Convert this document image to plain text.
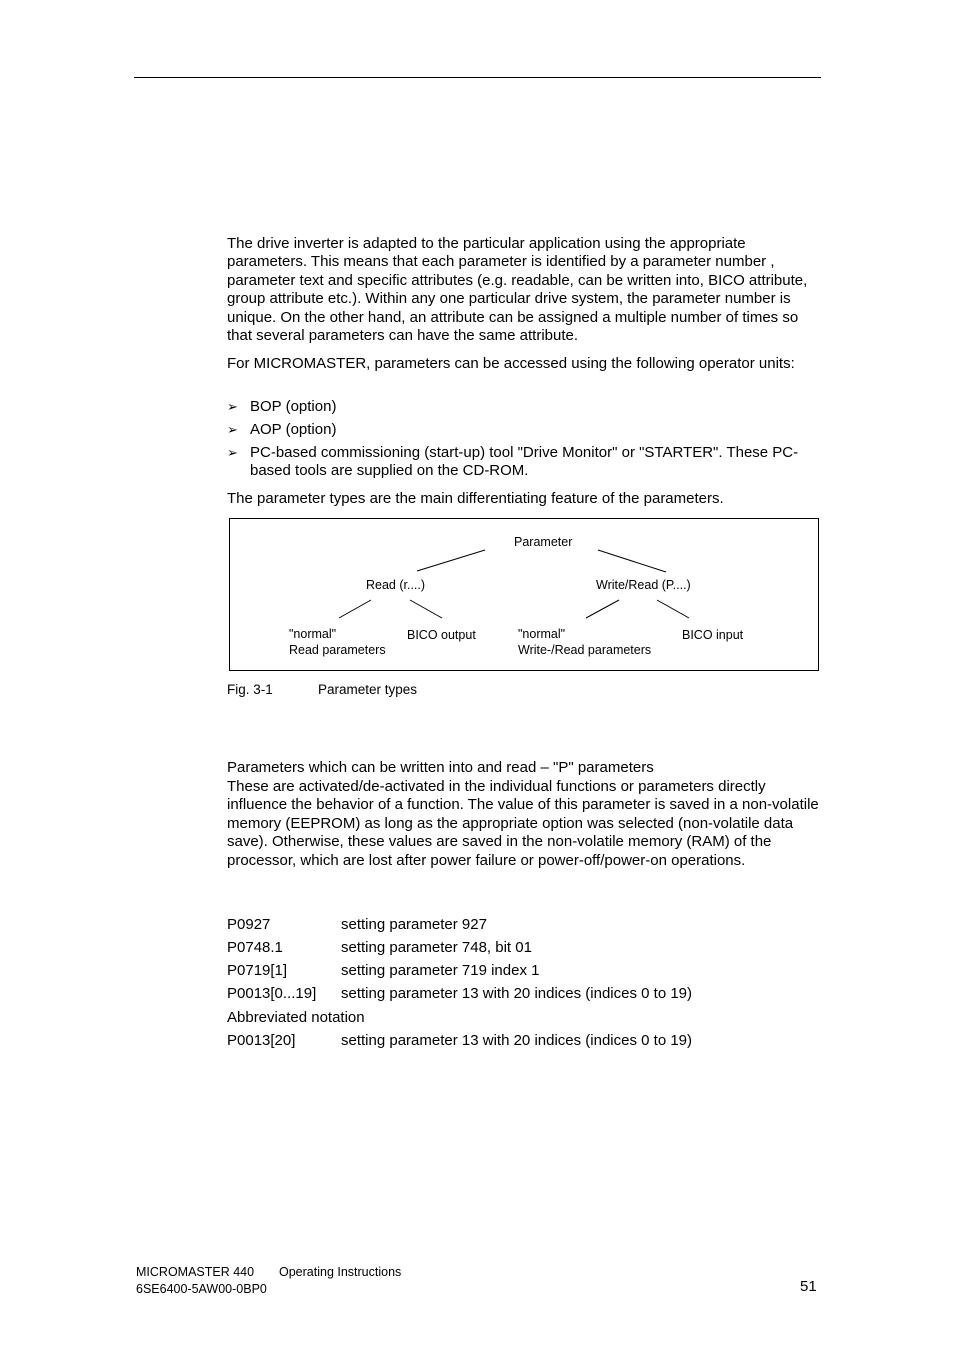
The drive inverter is adapted to the particular application using the appropriate parameters. This means that each parameter is identified by a parameter number , parameter text and specific attributes (e.g. readable, can be written into, BICO attribute, group attribute etc.). Within any one particular drive system, the parameter number is unique. On the other hand, an attribute can be assigned a multiple number of times so that several parameters can have the same attribute.

For MICROMASTER, parameters can be accessed using the following operator units:

➢ BOP (option)
➢ AOP (option)
➢ PC-based commissioning (start-up) tool "Drive Monitor" or "STARTER". These PC-based tools are supplied on the CD-ROM.

The parameter types are the main differentiating feature of the parameters.

Parameter
Read (r....)	Write/Read (P....)
"normal"
Read parameters
BICO output	"normal"
Write-/Read parameters
BICO input
Fig. 3-1	Parameter types

Parameters which can be written into and read – "P" parameters

These are activated/de-activated in the individual functions or parameters directly influence the behavior of a function. The value of this parameter is saved in a non-volatile memory (EEPROM) as long as the appropriate option was selected (non-volatile data save). Otherwise, these values are saved in the non-volatile memory (RAM) of the processor, which are lost after power failure or power-off/power-on operations.

P0927	setting parameter 927
P0748.1	setting parameter 748, bit 01
P0719[1]	setting parameter 719 index 1
P0013[0...19] setting parameter 13 with 20 indices (indices 0 to 19)
Abbreviated notation
P0013[20]	setting parameter 13 with 20 indices (indices 0 to 19)
MICROMASTER 440 Operating Instructions
6SE6400-5AW00-0BP0	51
